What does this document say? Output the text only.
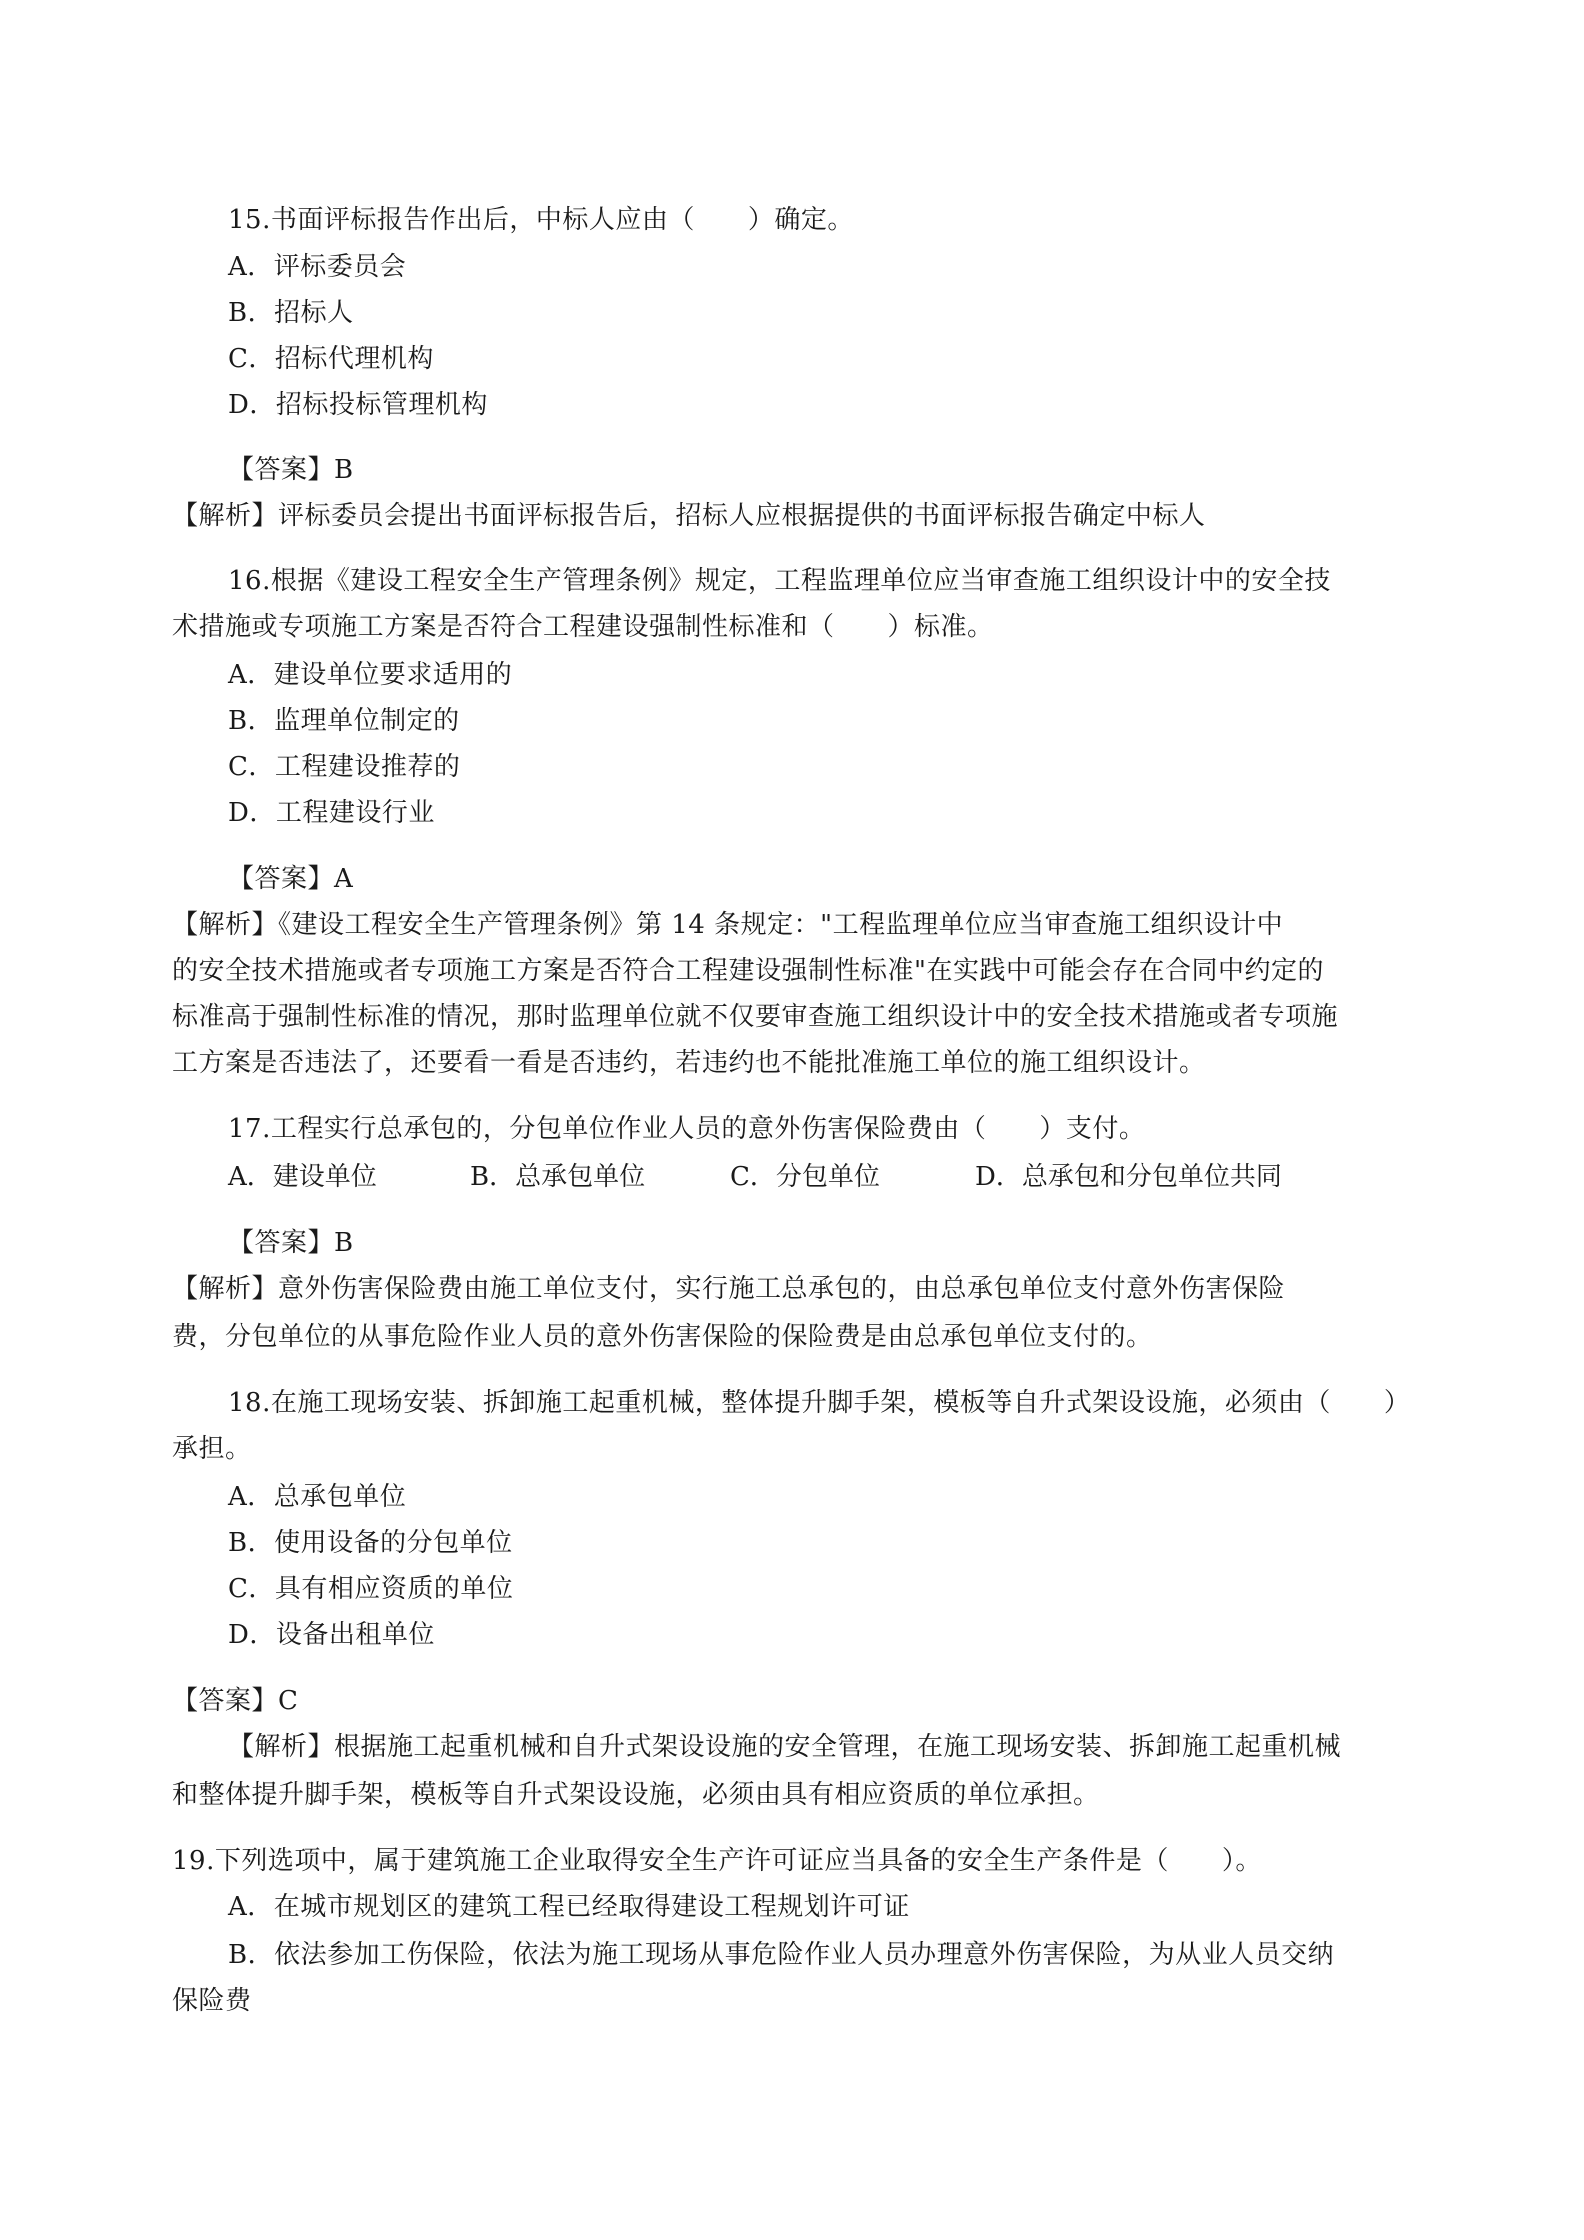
15.书面评标报告作出后，中标人应由（　　）确定。
A．评标委员会
B．招标人
C．招标代理机构
D．招标投标管理机构
【答案】B
【解析】评标委员会提出书面评标报告后，招标人应根据提供的书面评标报告确定中标人
16.根据《建设工程安全生产管理条例》规定，工程监理单位应当审查施工组织设计中的安全技
术措施或专项施工方案是否符合工程建设强制性标准和（　　）标准。
A．建设单位要求适用的
B．监理单位制定的
C．工程建设推荐的
D．工程建设行业
【答案】A
【解析】《建设工程安全生产管理条例》第 14 条规定："工程监理单位应当审查施工组织设计中
的安全技术措施或者专项施工方案是否符合工程建设强制性标准"在实践中可能会存在合同中约定的
标准高于强制性标准的情况，那时监理单位就不仅要审查施工组织设计中的安全技术措施或者专项施
工方案是否违法了，还要看一看是否违约，若违约也不能批准施工单位的施工组织设计。
17.工程实行总承包的，分包单位作业人员的意外伤害保险费由（　　）支付。
A．建设单位	B．总承包单位	C．分包单位	D．总承包和分包单位共同
【答案】B
【解析】意外伤害保险费由施工单位支付，实行施工总承包的，由总承包单位支付意外伤害保险
费，分包单位的从事危险作业人员的意外伤害保险的保险费是由总承包单位支付的。
18.在施工现场安装、拆卸施工起重机械，整体提升脚手架，模板等自升式架设设施，必须由（　　）
承担。
A．总承包单位
B．使用设备的分包单位
C．具有相应资质的单位
D．设备出租单位
【答案】C
【解析】根据施工起重机械和自升式架设设施的安全管理，在施工现场安装、拆卸施工起重机械
和整体提升脚手架，模板等自升式架设设施，必须由具有相应资质的单位承担。
19.下列选项中，属于建筑施工企业取得安全生产许可证应当具备的安全生产条件是（　　）。
A．在城市规划区的建筑工程已经取得建设工程规划许可证
B．依法参加工伤保险，依法为施工现场从事危险作业人员办理意外伤害保险，为从业人员交纳
保险费
